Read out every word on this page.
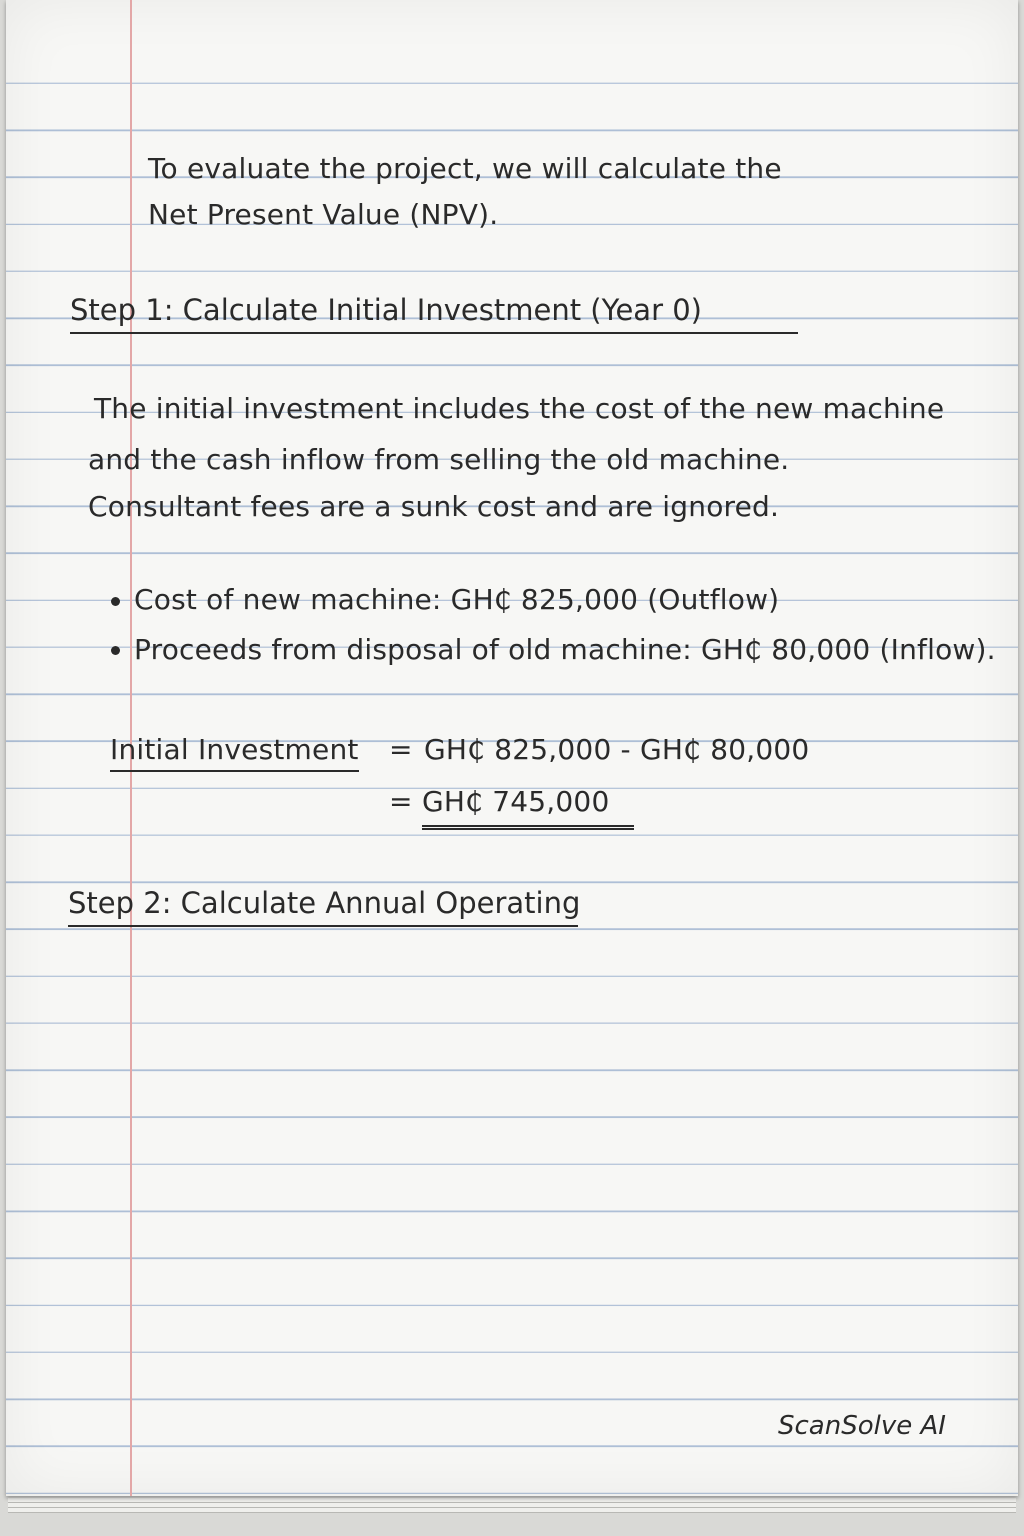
To evaluate the project, we will calculate the
Net Present Value (NPV).
Step 1: Calculate Initial Investment (Year 0)
The initial investment includes the cost of the new machine
and the cash inflow from selling the old machine.
Consultant fees are a sunk cost and are ignored.
Cost of new machine: GH₵ 825,000 (Outflow)
Proceeds from disposal of old machine: GH₵ 80,000 (Inflow).
Initial Investment = GH₵ 825,000 - GH₵ 80,000
= GH₵ 745,000
Step 2: Calculate Annual Operating
ScanSolve AI
